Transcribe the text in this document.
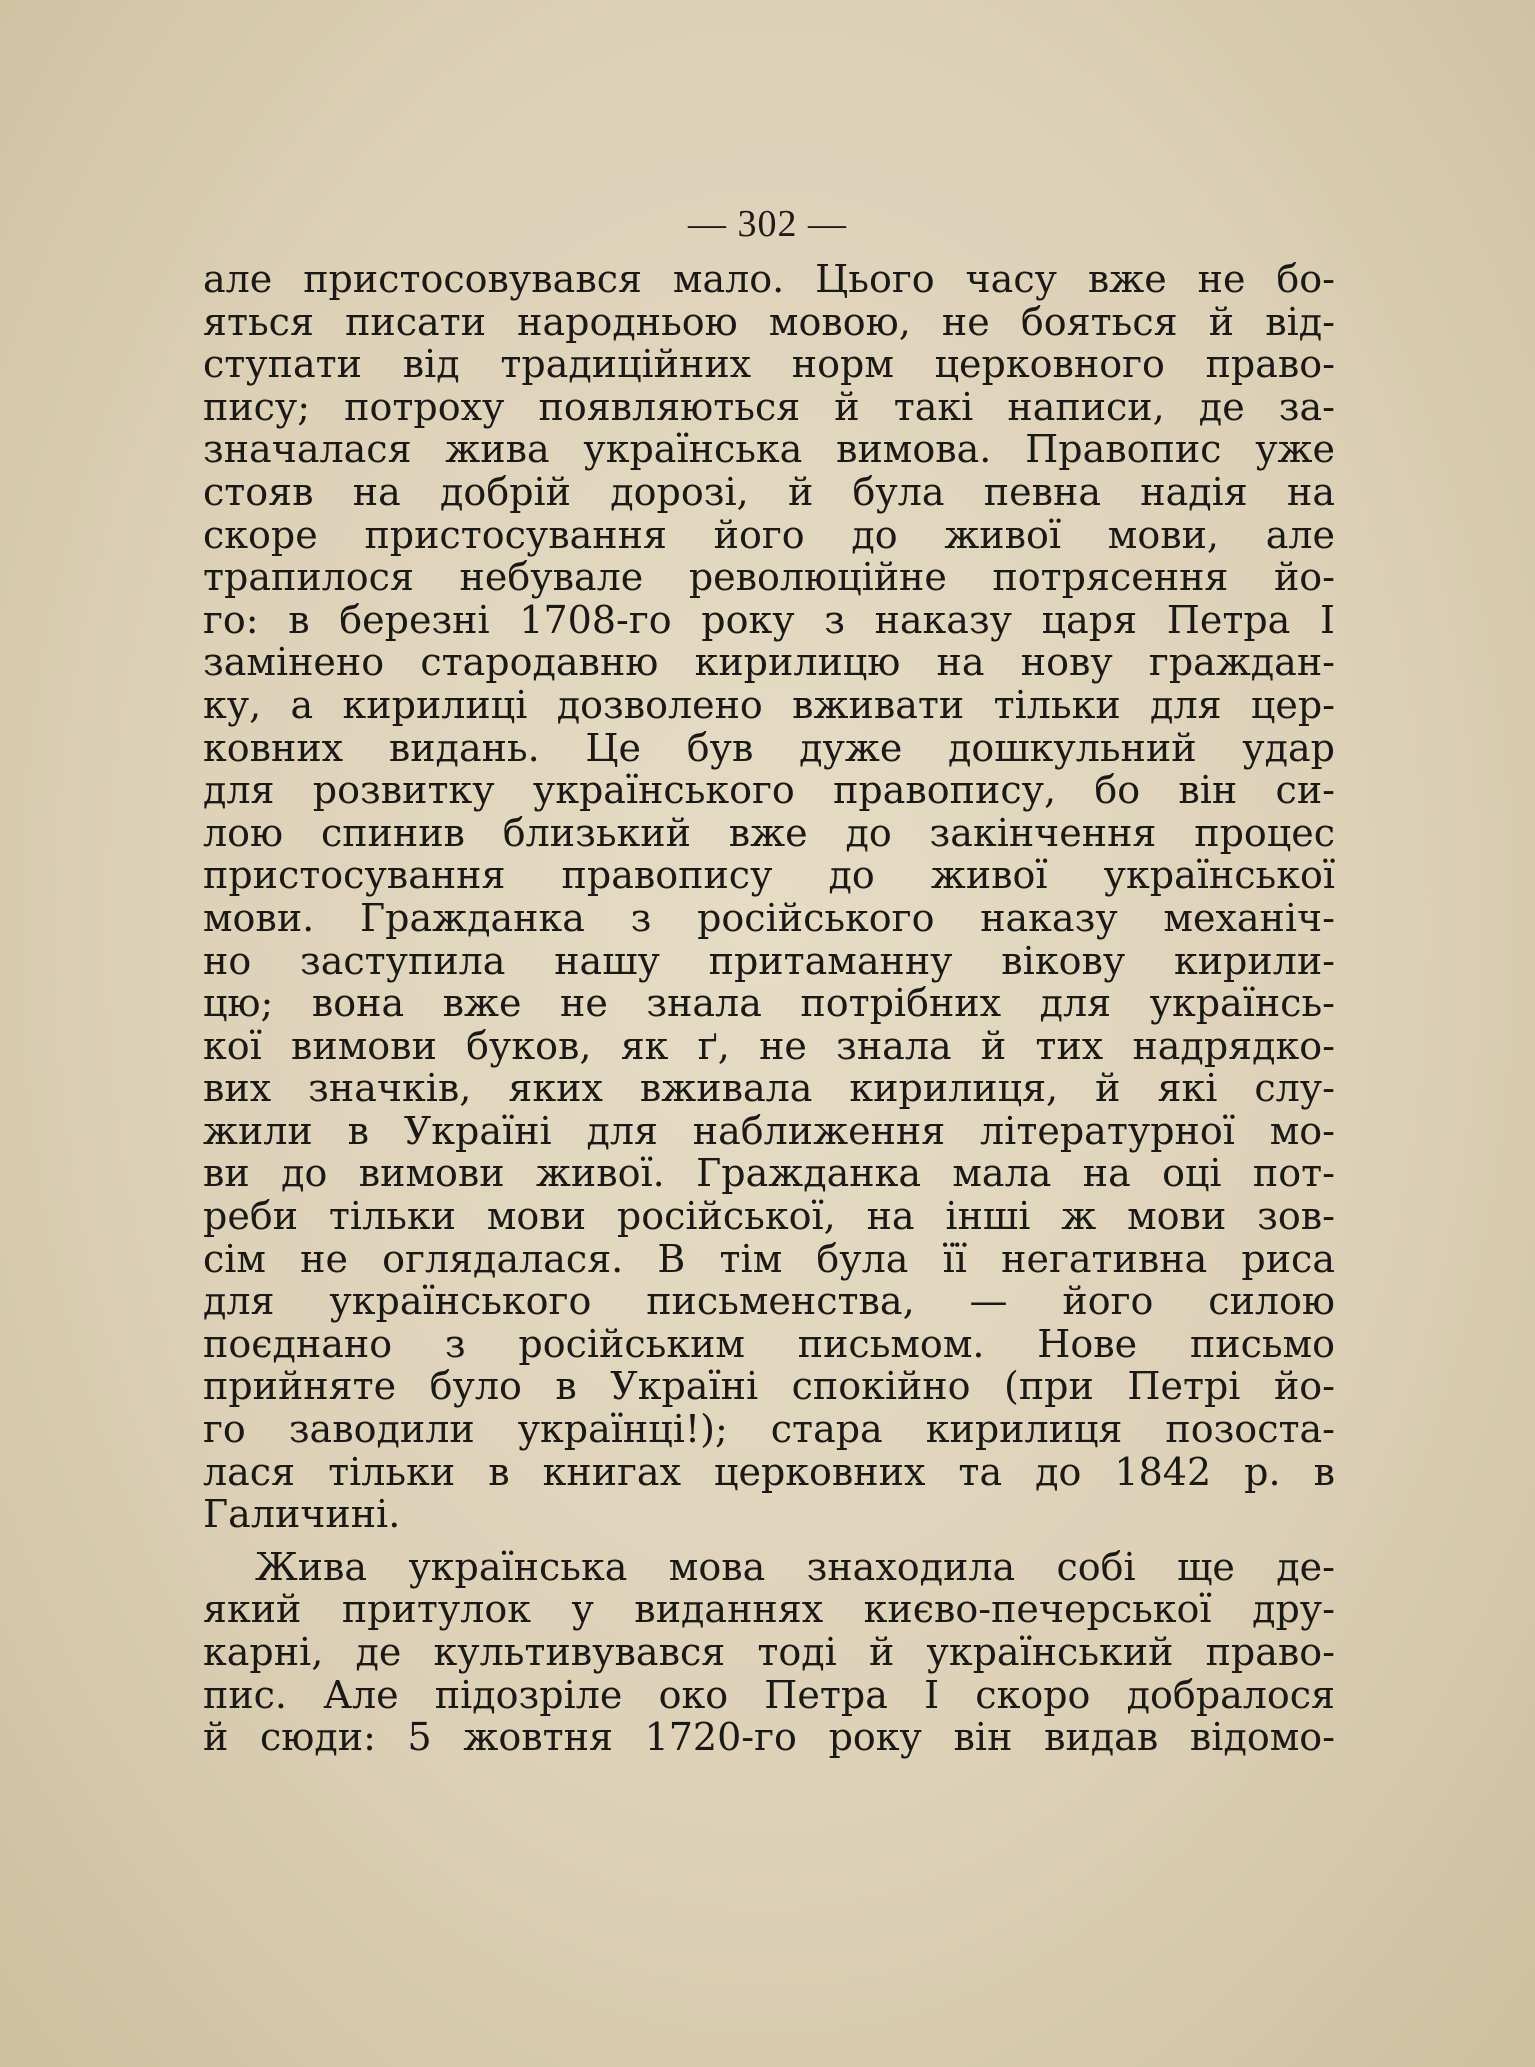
— 302 —
але пристосовувався мало. Цього часу вже не бо-
яться писати народньою мовою, не бояться й від-
ступати від традиційних норм церковного право-
пису; потроху появляються й такі написи, де за-
значалася жива українська вимова. Правопис уже
стояв на добрій дорозі, й була певна надія на
скоре пристосування його до живої мови, але
трапилося небувале революційне потрясення йо-
го: в березні 1708-го року з наказу царя Петра І
замінено стародавню кирилицю на нову граждан-
ку, а кирилиці дозволено вживати тільки для цер-
ковних видань. Це був дуже дошкульний удар
для розвитку українського правопису, бо він си-
лою спинив близький вже до закінчення процес
пристосування правопису до живої української
мови. Гражданка з російського наказу механіч-
но заступила нашу притаманну вікову кирили-
цю; вона вже не знала потрібних для українсь-
кої вимови буков, як ґ, не знала й тих надрядко-
вих значків, яких вживала кирилиця, й які слу-
жили в Україні для наближення літературної мо-
ви до вимови живої. Гражданка мала на оці пот-
реби тільки мови російської, на інші ж мови зов-
сім не оглядалася. В тім була її негативна риса
для українського письменства, — його силою
поєднано з російським письмом. Нове письмо
прийняте було в Україні спокійно (при Петрі йо-
го заводили українці!); стара кирилиця позоста-
лася тільки в книгах церковних та до 1842 р. в
Галичині.
Жива українська мова знаходила собі ще де-
який притулок у виданнях києво-печерської дру-
карні, де культивувався тоді й український право-
пис. Але підозріле око Петра І скоро добралося
й сюди: 5 жовтня 1720-го року він видав відомо-
